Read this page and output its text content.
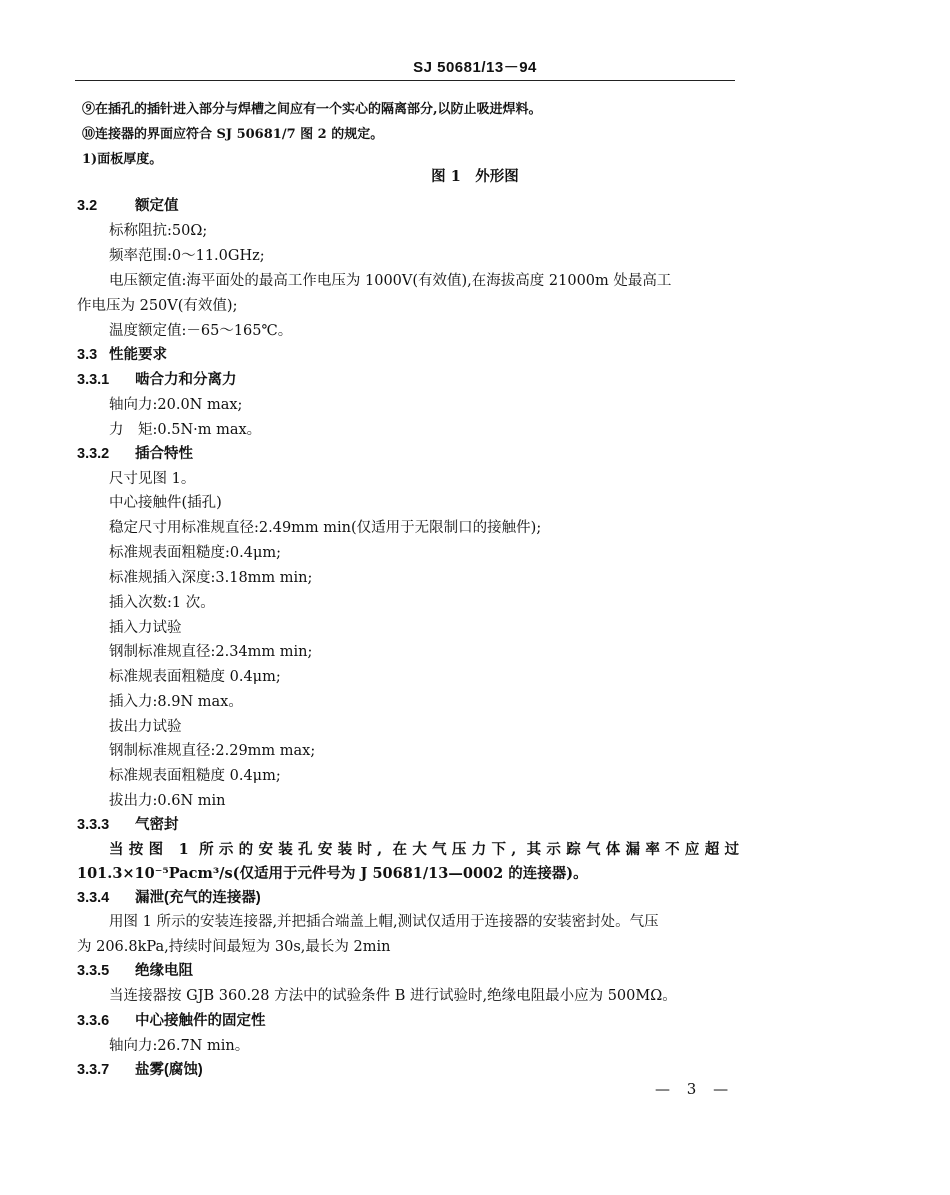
SJ 50681/13－94
⑨在插孔的插针进入部分与焊槽之间应有一个实心的隔离部分,以防止吸进焊料。
⑩连接器的界面应符合 SJ 50681/7 图 2 的规定。
1)面板厚度。
图 1　外形图
3.2	额定值
标称阻抗:50Ω;
频率范围:0～11.0GHz;
电压额定值:海平面处的最高工作电压为 1000V(有效值),在海拔高度 21000m 处最高工
作电压为 250V(有效值);
温度额定值:－65～165℃。
3.3 性能要求
3.3.1 啮合力和分离力
轴向力:20.0N max;
力　矩:0.5N·m max。
3.3.2 插合特性
尺寸见图 1。
中心接触件(插孔)
稳定尺寸用标准规直径:2.49mm min(仅适用于无限制口的接触件);
标准规表面粗糙度:0.4μm;
标准规插入深度:3.18mm min;
插入次数:1 次。
插入力试验
钢制标准规直径:2.34mm min;
标准规表面粗糙度 0.4μm;
插入力:8.9N max。
拔出力试验
钢制标准规直径:2.29mm max;
标准规表面粗糙度 0.4μm;
拔出力:0.6N min
3.3.3 气密封
当按图 1 所示的安装孔安装时, 在大气压力下, 其示踪气体漏率不应超过
101.3×10⁻⁵Pacm³/s(仅适用于元件号为 J 50681/13—0002 的连接器)。
3.3.4 漏泄(充气的连接器)
用图 1 所示的安装连接器,并把插合端盖上帽,测试仅适用于连接器的安装密封处。气压
为 206.8kPa,持续时间最短为 30s,最长为 2min
3.3.5 绝缘电阻
当连接器按 GJB 360.28 方法中的试验条件 B 进行试验时,绝缘电阻最小应为 500MΩ。
3.3.6 中心接触件的固定性
轴向力:26.7N min。
3.3.7 盐雾(腐蚀)
— 3 —
